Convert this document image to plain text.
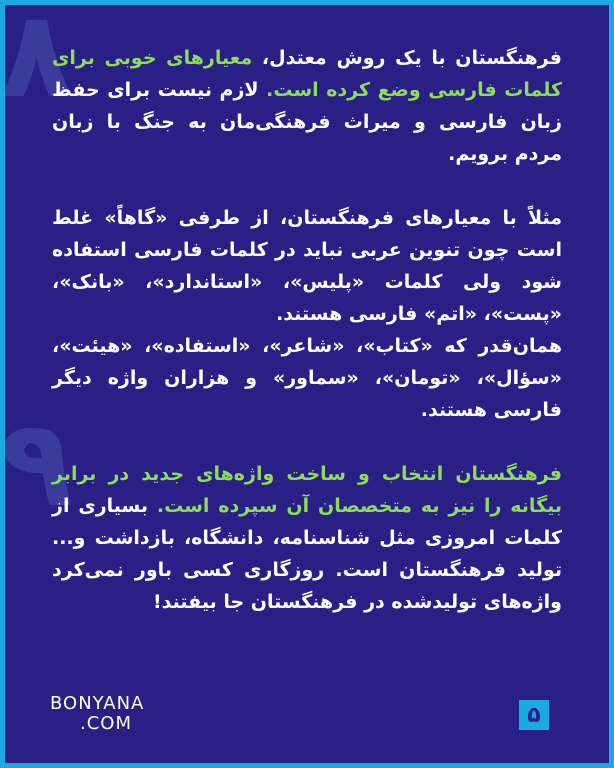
۸
۹

فرهنگستان با یک روش معتدل، معیارهای خوبی برای کلمات فارسی وضع کرده است. لازم نیست برای حفظ زبان فارسی و میراث فرهنگی‌مان به جنگ با زبان مردم برویم.

مثلاً با معیارهای فرهنگستان، از طرفی «گاهاً» غلط است چون تنوین عربی نباید در کلمات فارسی استفاده شود ولی کلمات «پلیس»، «استاندارد»، «بانک»، «پست»، «اتم» فارسی هستند.

همان‌قدر که «کتاب»، «شاعر»، «استفاده»، «هیئت»، «سؤال»، «تومان»، «سماور» و هزاران واژه دیگر فارسی هستند.

فرهنگستان انتخاب و ساخت واژه‌های جدید در برابر بیگانه را نیز به متخصصان آن سپرده است. بسیاری از کلمات امروزی مثل شناسنامه، دانشگاه، بازداشت و... تولید فرهنگستان است. روزگاری کسی باور نمی‌کرد واژه‌های تولیدشده در فرهنگستان جا بیفتند!

BONYANA
.COM	۵
